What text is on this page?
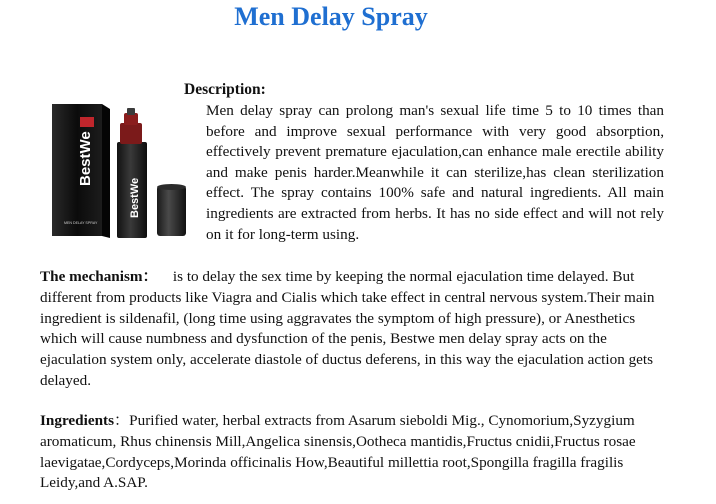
Men Delay Spray
BestWe
MEN DELAY SPRAY
BestWe
Description:
Men delay spray can prolong man's sexual life time 5 to 10 times than before and improve sexual performance with very good absorption, effectively prevent premature ejaculation,can enhance male erectile ability and make penis harder.Meanwhile it can sterilize,has clean sterilization effect. The spray contains 100% safe and natural ingredients. All main ingredients are extracted from herbs. It has no side effect and will not rely on it for long-term using.
The mechanism： is to delay the sex time by keeping the normal ejaculation time delayed. But different from products like Viagra and Cialis which take effect in central nervous system.Their main ingredient is sildenafil, (long time using aggravates the symptom of high pressure), or Anesthetics which will cause numbness and dysfunction of the penis, Bestwe men delay spray acts on the ejaculation system only, accelerate diastole of ductus deferens, in this way the ejaculation action gets delayed.
Ingredients：Purified water, herbal extracts from Asarum sieboldi Mig., Cynomorium,Syzygium aromaticum, Rhus chinensis Mill,Angelica sinensis,Ootheca mantidis,Fructus cnidii,Fructus rosae laevigatae,Cordyceps,Morinda officinalis How,Beautiful millettia root,Spongilla fragilla fragilis Leidy,and A.SAP.
